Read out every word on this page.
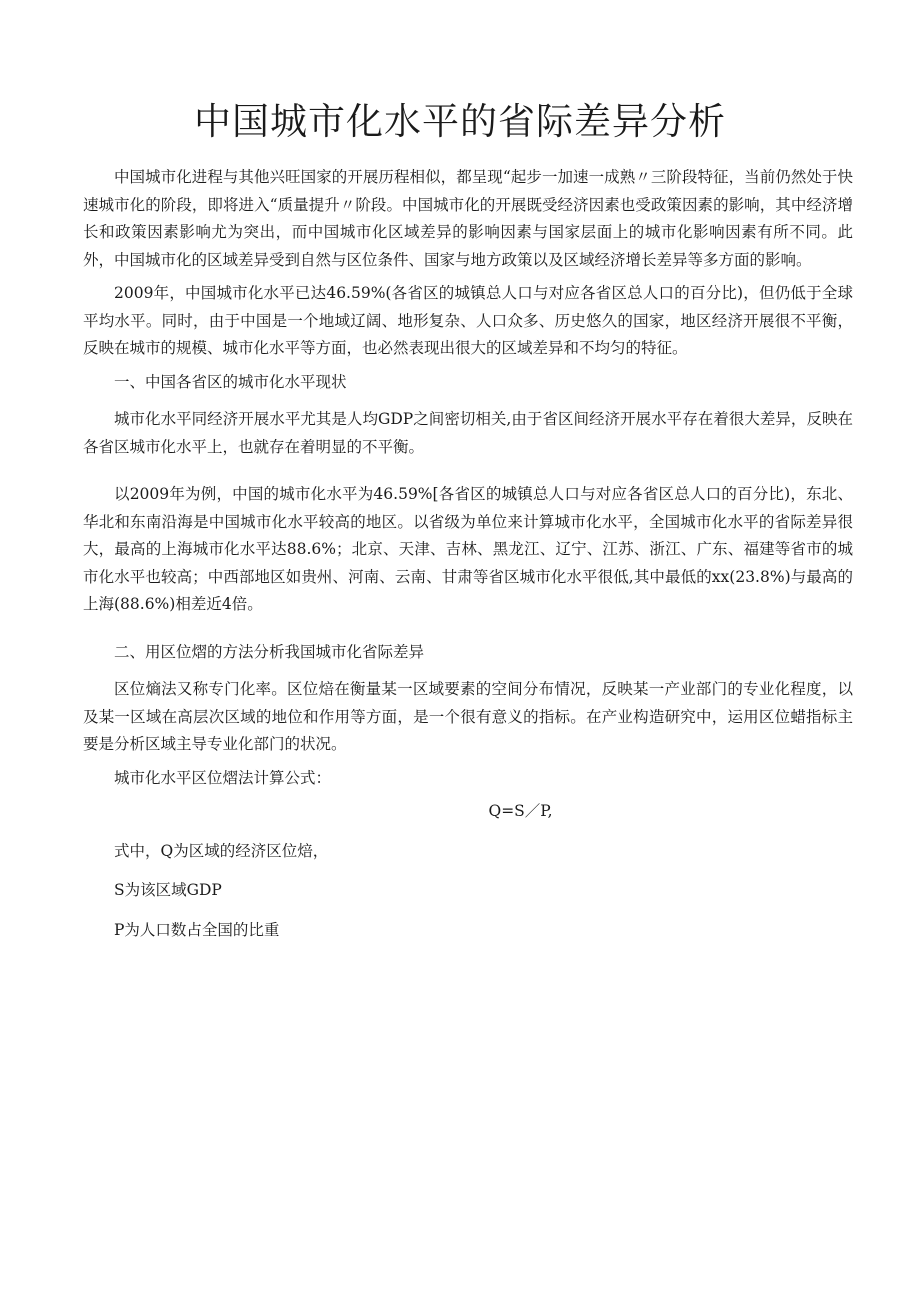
中国城市化水平的省际差异分析

中国城市化进程与其他兴旺国家的开展历程相似，都呈现“起步一加速一成熟〃三阶段特征，当前仍然处于快速城市化的阶段，即将进入“质量提升〃阶段。中国城市化的开展既受经济因素也受政策因素的影响，其中经济增长和政策因素影响尤为突出，而中国城市化区域差异的影响因素与国家层面上的城市化影响因素有所不同。此外，中国城市化的区域差异受到自然与区位条件、国家与地方政策以及区域经济增长差异等多方面的影响。

2009年，中国城市化水平已达46.59%(各省区的城镇总人口与对应各省区总人口的百分比)，但仍低于全球平均水平。同时，由于中国是一个地域辽阔、地形复杂、人口众多、历史悠久的国家，地区经济开展很不平衡，反映在城市的规模、城市化水平等方面，也必然表现出很大的区域差异和不均匀的特征。

一、中国各省区的城市化水平现状

城市化水平同经济开展水平尤其是人均GDP之间密切相关,由于省区间经济开展水平存在着很大差异，反映在各省区城市化水平上，也就存在着明显的不平衡。

以2009年为例，中国的城市化水平为46.59%[各省区的城镇总人口与对应各省区总人口的百分比)，东北、华北和东南沿海是中国城市化水平较高的地区。以省级为单位来计算城市化水平，全国城市化水平的省际差异很大，最高的上海城市化水平达88.6%；北京、天津、吉林、黑龙江、辽宁、江苏、浙江、广东、福建等省市的城市化水平也较高；中西部地区如贵州、河南、云南、甘肃等省区城市化水平很低,其中最低的xx(23.8%)与最高的上海(88.6%)相差近4倍。

二、用区位熠的方法分析我国城市化省际差异

区位熵法又称专门化率。区位焙在衡量某一区域要素的空间分布情况，反映某一产业部门的专业化程度，以及某一区域在高层次区域的地位和作用等方面，是一个很有意义的指标。在产业构造研究中，运用区位蜡指标主要是分析区域主导专业化部门的状况。

城市化水平区位熠法计算公式：

Q=S／P,

式中，Q为区域的经济区位焙，

S为该区域GDP

P为人口数占全国的比重
